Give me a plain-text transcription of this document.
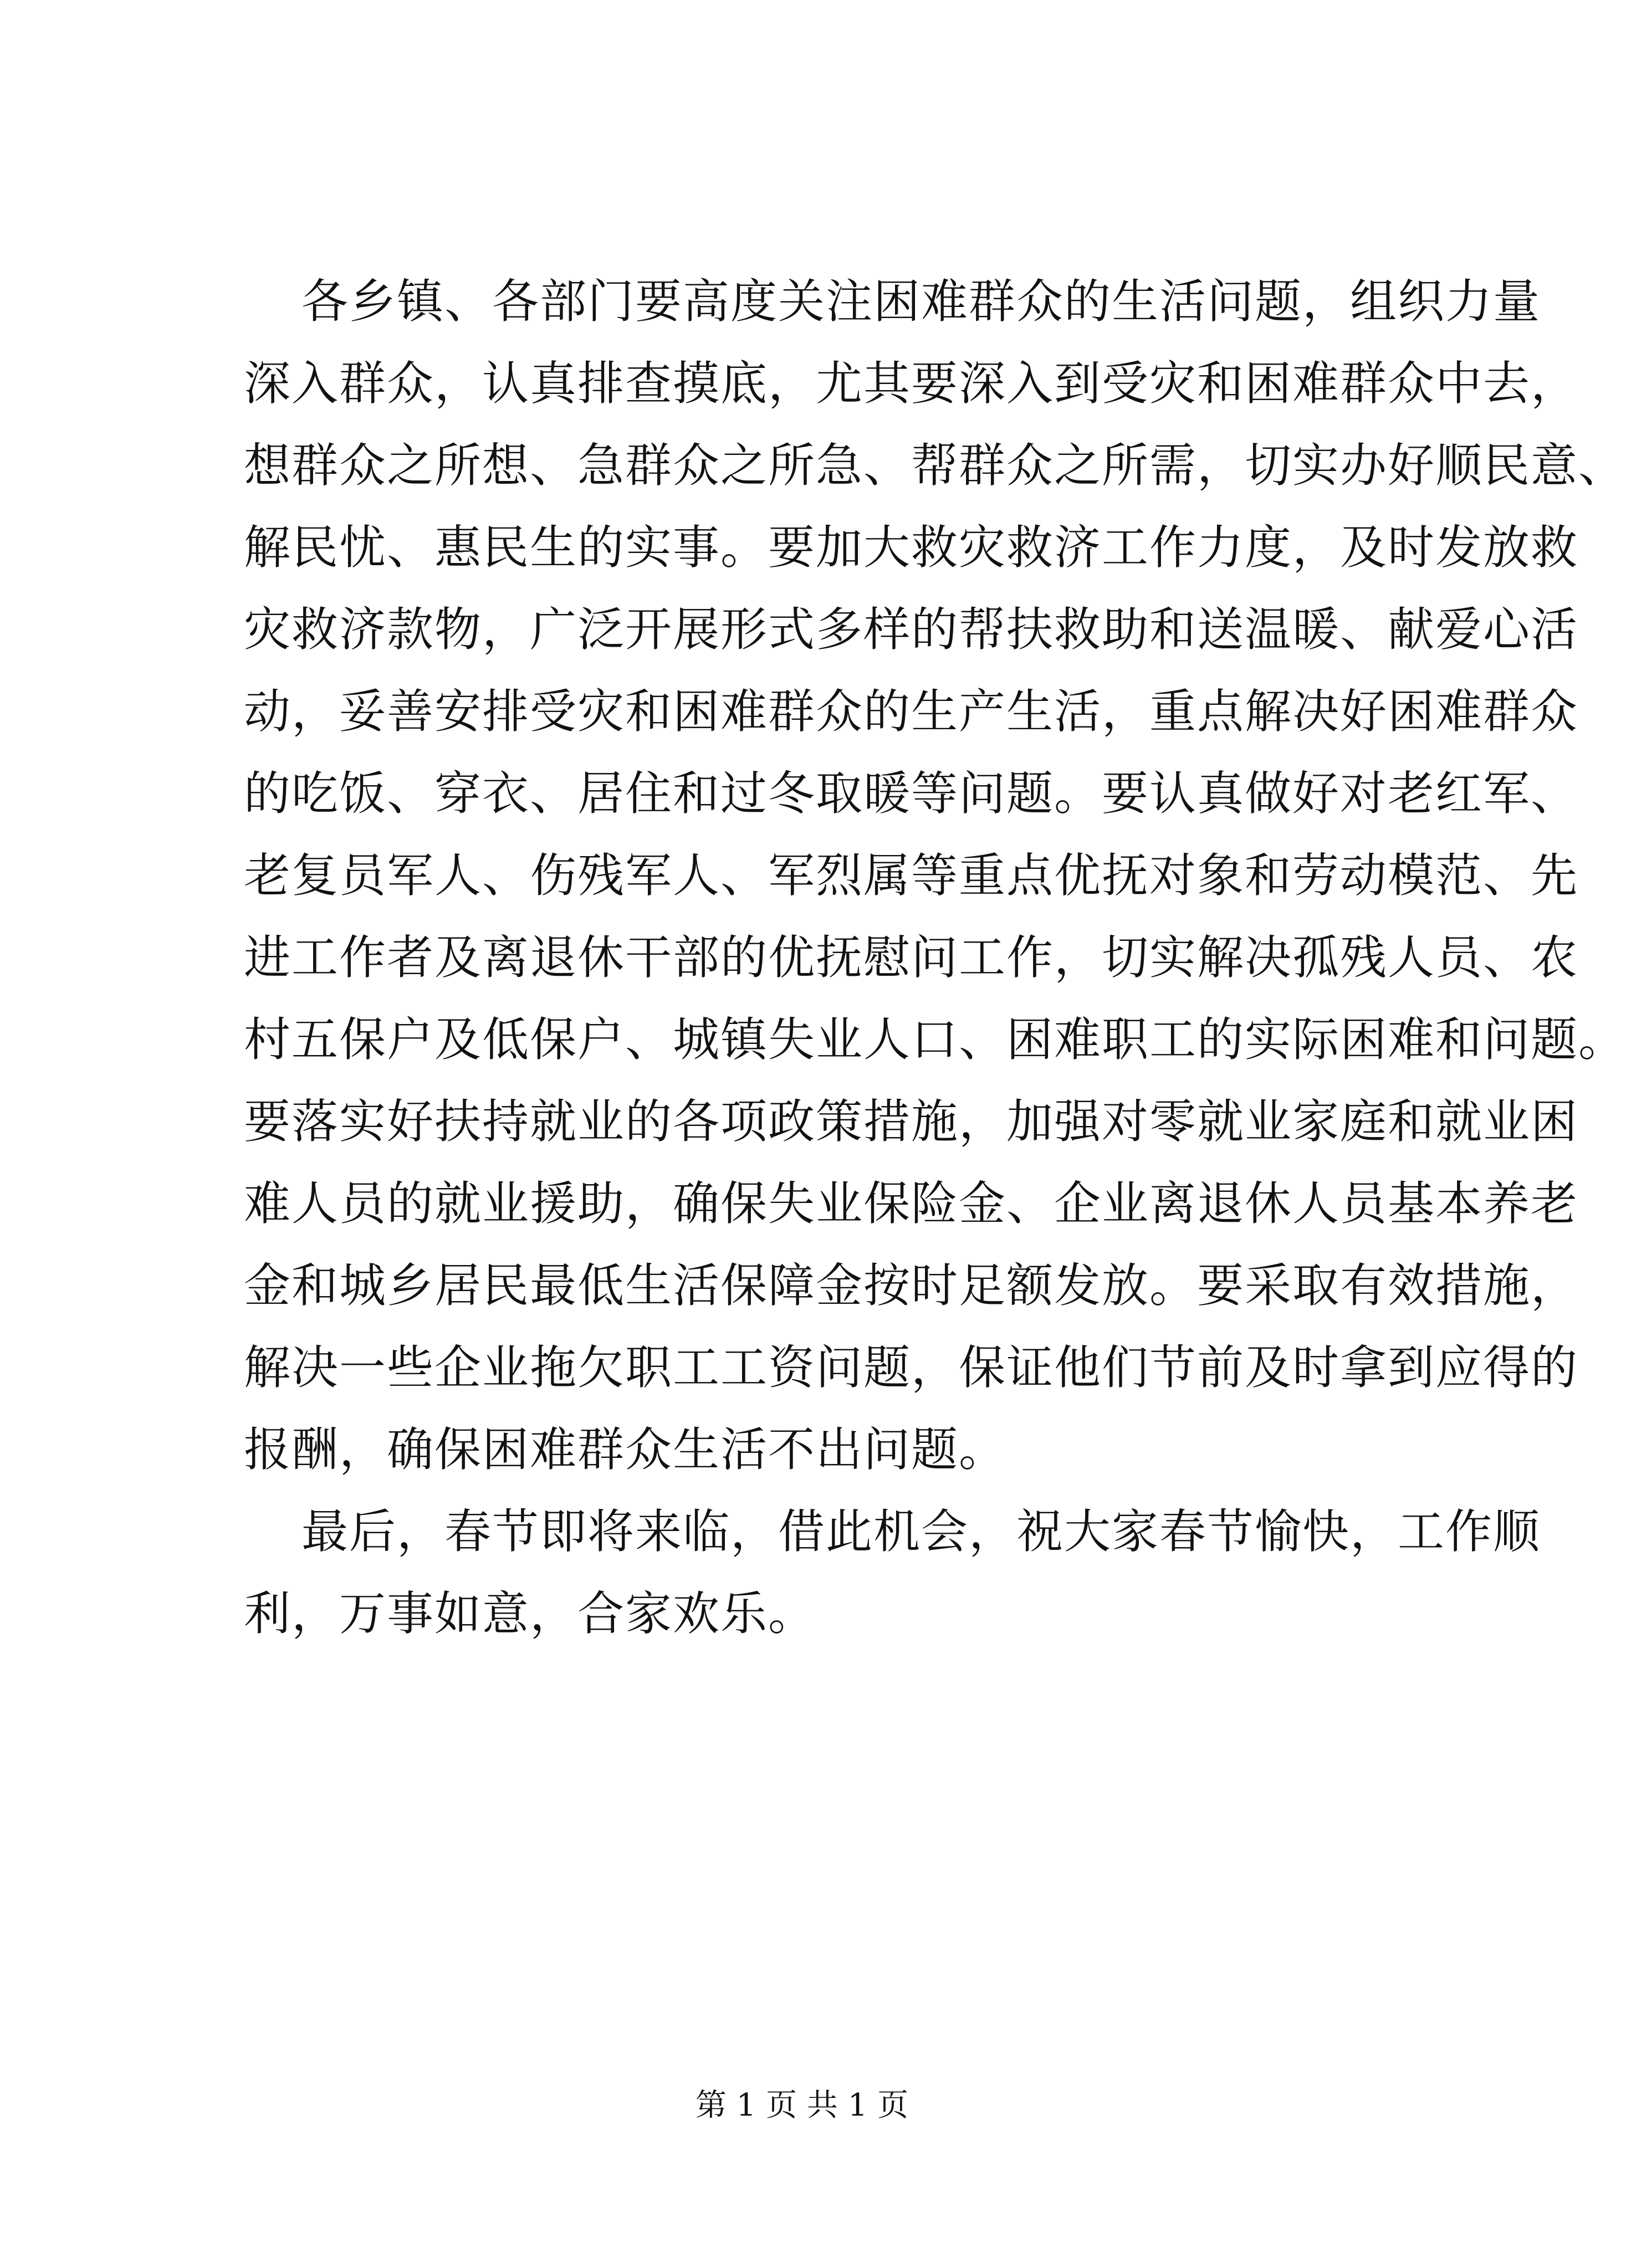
各乡镇、各部门要高度关注困难群众的生活问题，组织力量
深入群众，认真排查摸底，尤其要深入到受灾和困难群众中去，
想群众之所想、急群众之所急、帮群众之所需，切实办好顺民意、
解民忧、惠民生的实事。要加大救灾救济工作力度，及时发放救
灾救济款物，广泛开展形式多样的帮扶救助和送温暖、献爱心活
动，妥善安排受灾和困难群众的生产生活，重点解决好困难群众
的吃饭、穿衣、居住和过冬取暖等问题。要认真做好对老红军、
老复员军人、伤残军人、军烈属等重点优抚对象和劳动模范、先
进工作者及离退休干部的优抚慰问工作，切实解决孤残人员、农
村五保户及低保户、城镇失业人口、困难职工的实际困难和问题。
要落实好扶持就业的各项政策措施，加强对零就业家庭和就业困
难人员的就业援助，确保失业保险金、企业离退休人员基本养老
金和城乡居民最低生活保障金按时足额发放。要采取有效措施，
解决一些企业拖欠职工工资问题，保证他们节前及时拿到应得的
报酬，确保困难群众生活不出问题。
最后，春节即将来临，借此机会，祝大家春节愉快，工作顺
利，万事如意，合家欢乐。
第 1 页 共 1 页
